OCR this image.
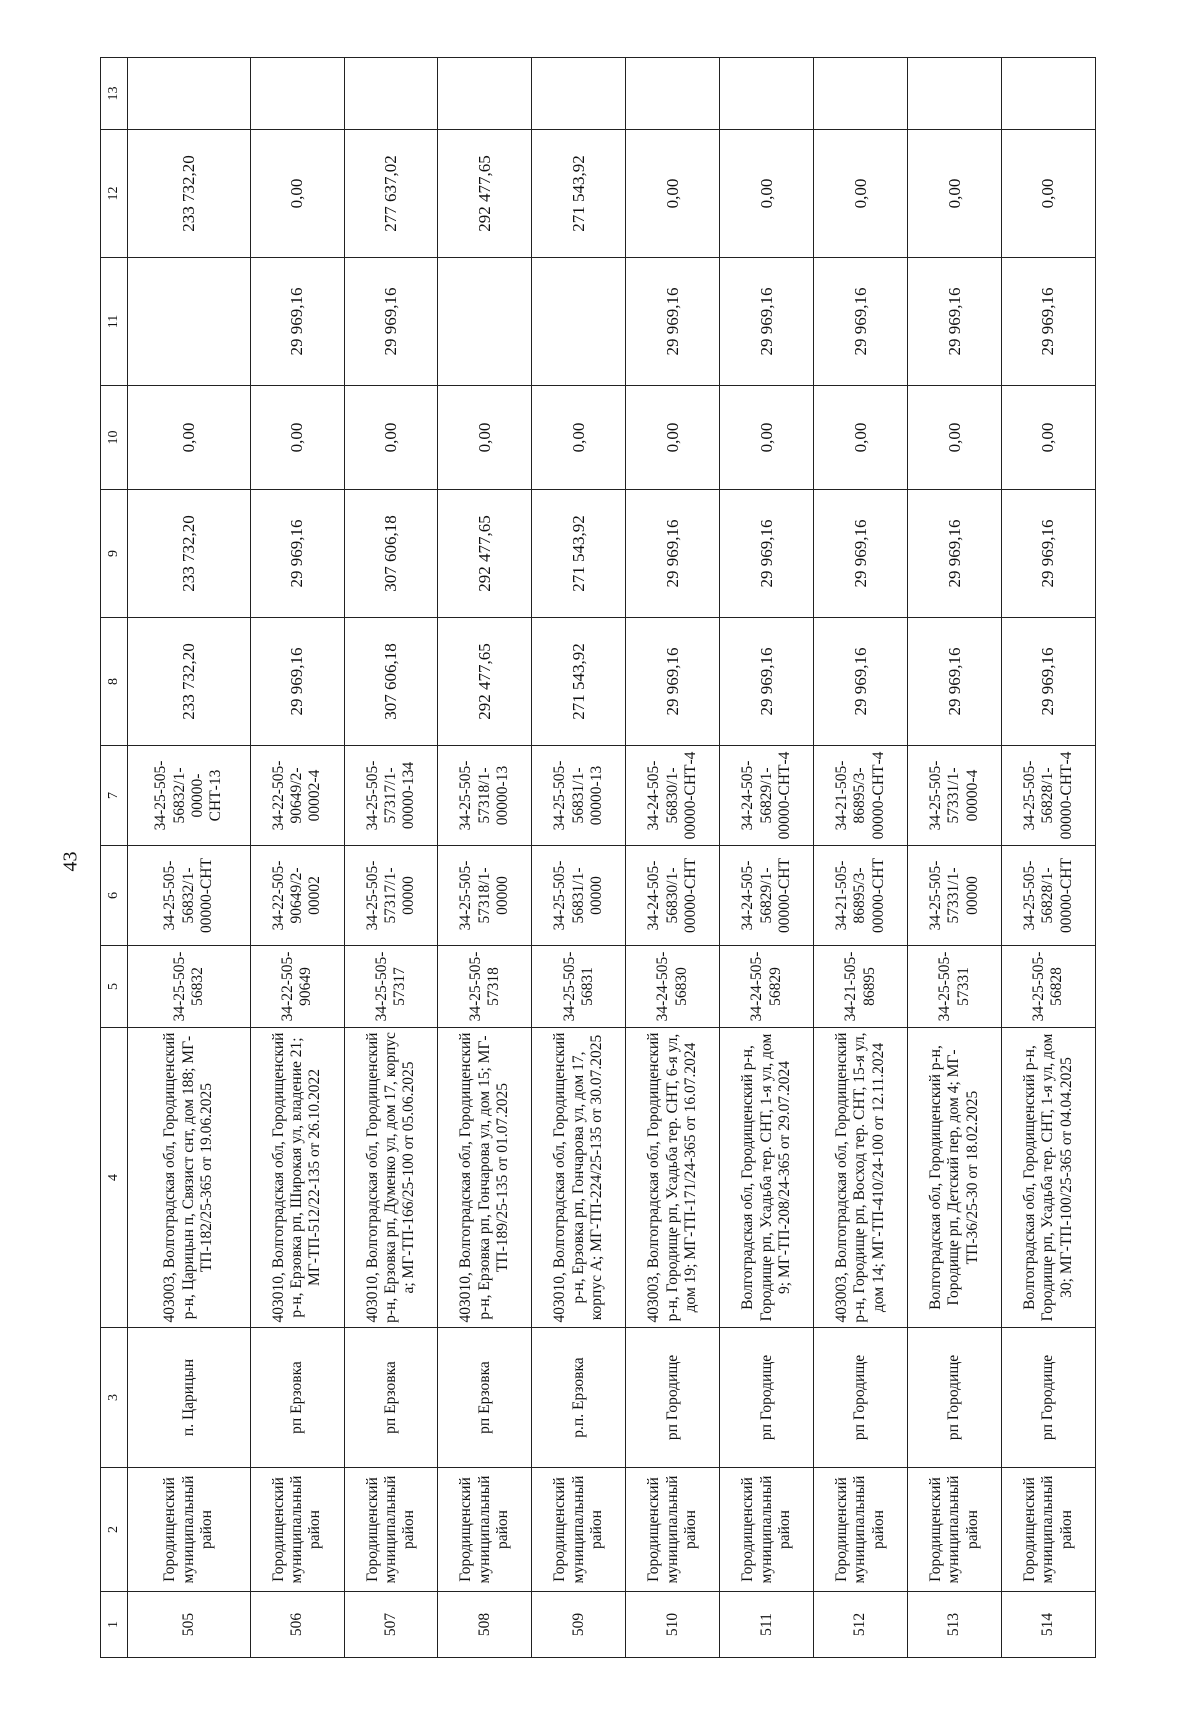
43
1	2	3	4	5	6	7	8	9	10	11	12	13
505	Городищенский муниципальный район	п. Царицын	403003, Волгоградская обл, Городищенский р-н, Царицын п, Связист снт, дом 188; МГ-ТП-182/25-365 от 19.06.2025	34-25-505-56832	34-25-505-56832/1-00000-СНТ	34-25-505-56832/1-00000-СНТ-13	233 732,20	233 732,20	0,00		233 732,20	
506	Городищенский муниципальный район	рп Ерзовка	403010, Волгоградская обл, Городищенский р-н, Ерзовка рп, Широкая ул, владение 21; МГ-ТП-512/22-135 от 26.10.2022	34-22-505-90649	34-22-505-90649/2-00002	34-22-505-90649/2-00002-4	29 969,16	29 969,16	0,00	29 969,16	0,00	
507	Городищенский муниципальный район	рп Ерзовка	403010, Волгоградская обл, Городищенский р-н, Ерзовка рп, Думенко ул, дом 17, корпус а; МГ-ТП-166/25-100 от 05.06.2025	34-25-505-57317	34-25-505-57317/1-00000	34-25-505-57317/1-00000-134	307 606,18	307 606,18	0,00	29 969,16	277 637,02	
508	Городищенский муниципальный район	рп Ерзовка	403010, Волгоградская обл, Городищенский р-н, Ерзовка рп, Гончарова ул, дом 15; МГ-ТП-189/25-135 от 01.07.2025	34-25-505-57318	34-25-505-57318/1-00000	34-25-505-57318/1-00000-13	292 477,65	292 477,65	0,00		292 477,65	
509	Городищенский муниципальный район	р.п. Ерзовка	403010, Волгоградская обл, Городищенский р-н, Ерзовка рп, Гончарова ул, дом 17, корпус А; МГ-ТП-224/25-135 от 30.07.2025	34-25-505-56831	34-25-505-56831/1-00000	34-25-505-56831/1-00000-13	271 543,92	271 543,92	0,00		271 543,92	
510	Городищенский муниципальный район	рп Городище	403003, Волгоградская обл, Городищенский р-н, Городище рп, Усадьба тер. СНТ, 6-я ул, дом 19; МГ-ТП-171/24-365 от 16.07.2024	34-24-505-56830	34-24-505-56830/1-00000-СНТ	34-24-505-56830/1-00000-СНТ-4	29 969,16	29 969,16	0,00	29 969,16	0,00	
511	Городищенский муниципальный район	рп Городище	Волгоградская обл, Городищенский р-н, Городище рп, Усадьба тер. СНТ, 1-я ул, дом 9; МГ-ТП-208/24-365 от 29.07.2024	34-24-505-56829	34-24-505-56829/1-00000-СНТ	34-24-505-56829/1-00000-СНТ-4	29 969,16	29 969,16	0,00	29 969,16	0,00	
512	Городищенский муниципальный район	рп Городище	403003, Волгоградская обл, Городищенский р-н, Городище рп, Восход тер. СНТ, 15-я ул, дом 14; МГ-ТП-410/24-100 от 12.11.2024	34-21-505-86895	34-21-505-86895/3-00000-СНТ	34-21-505-86895/3-00000-СНТ-4	29 969,16	29 969,16	0,00	29 969,16	0,00	
513	Городищенский муниципальный район	рп Городище	Волгоградская обл, Городищенский р-н, Городище рп, Детский пер, дом 4; МГ-ТП-36/25-30 от 18.02.2025	34-25-505-57331	34-25-505-57331/1-00000	34-25-505-57331/1-00000-4	29 969,16	29 969,16	0,00	29 969,16	0,00	
514	Городищенский муниципальный район	рп Городище	Волгоградская обл, Городищенский р-н, Городище рп, Усадьба тер. СНТ, 1-я ул, дом 30; МГ-ТП-100/25-365 от 04.04.2025	34-25-505-56828	34-25-505-56828/1-00000-СНТ	34-25-505-56828/1-00000-СНТ-4	29 969,16	29 969,16	0,00	29 969,16	0,00	
